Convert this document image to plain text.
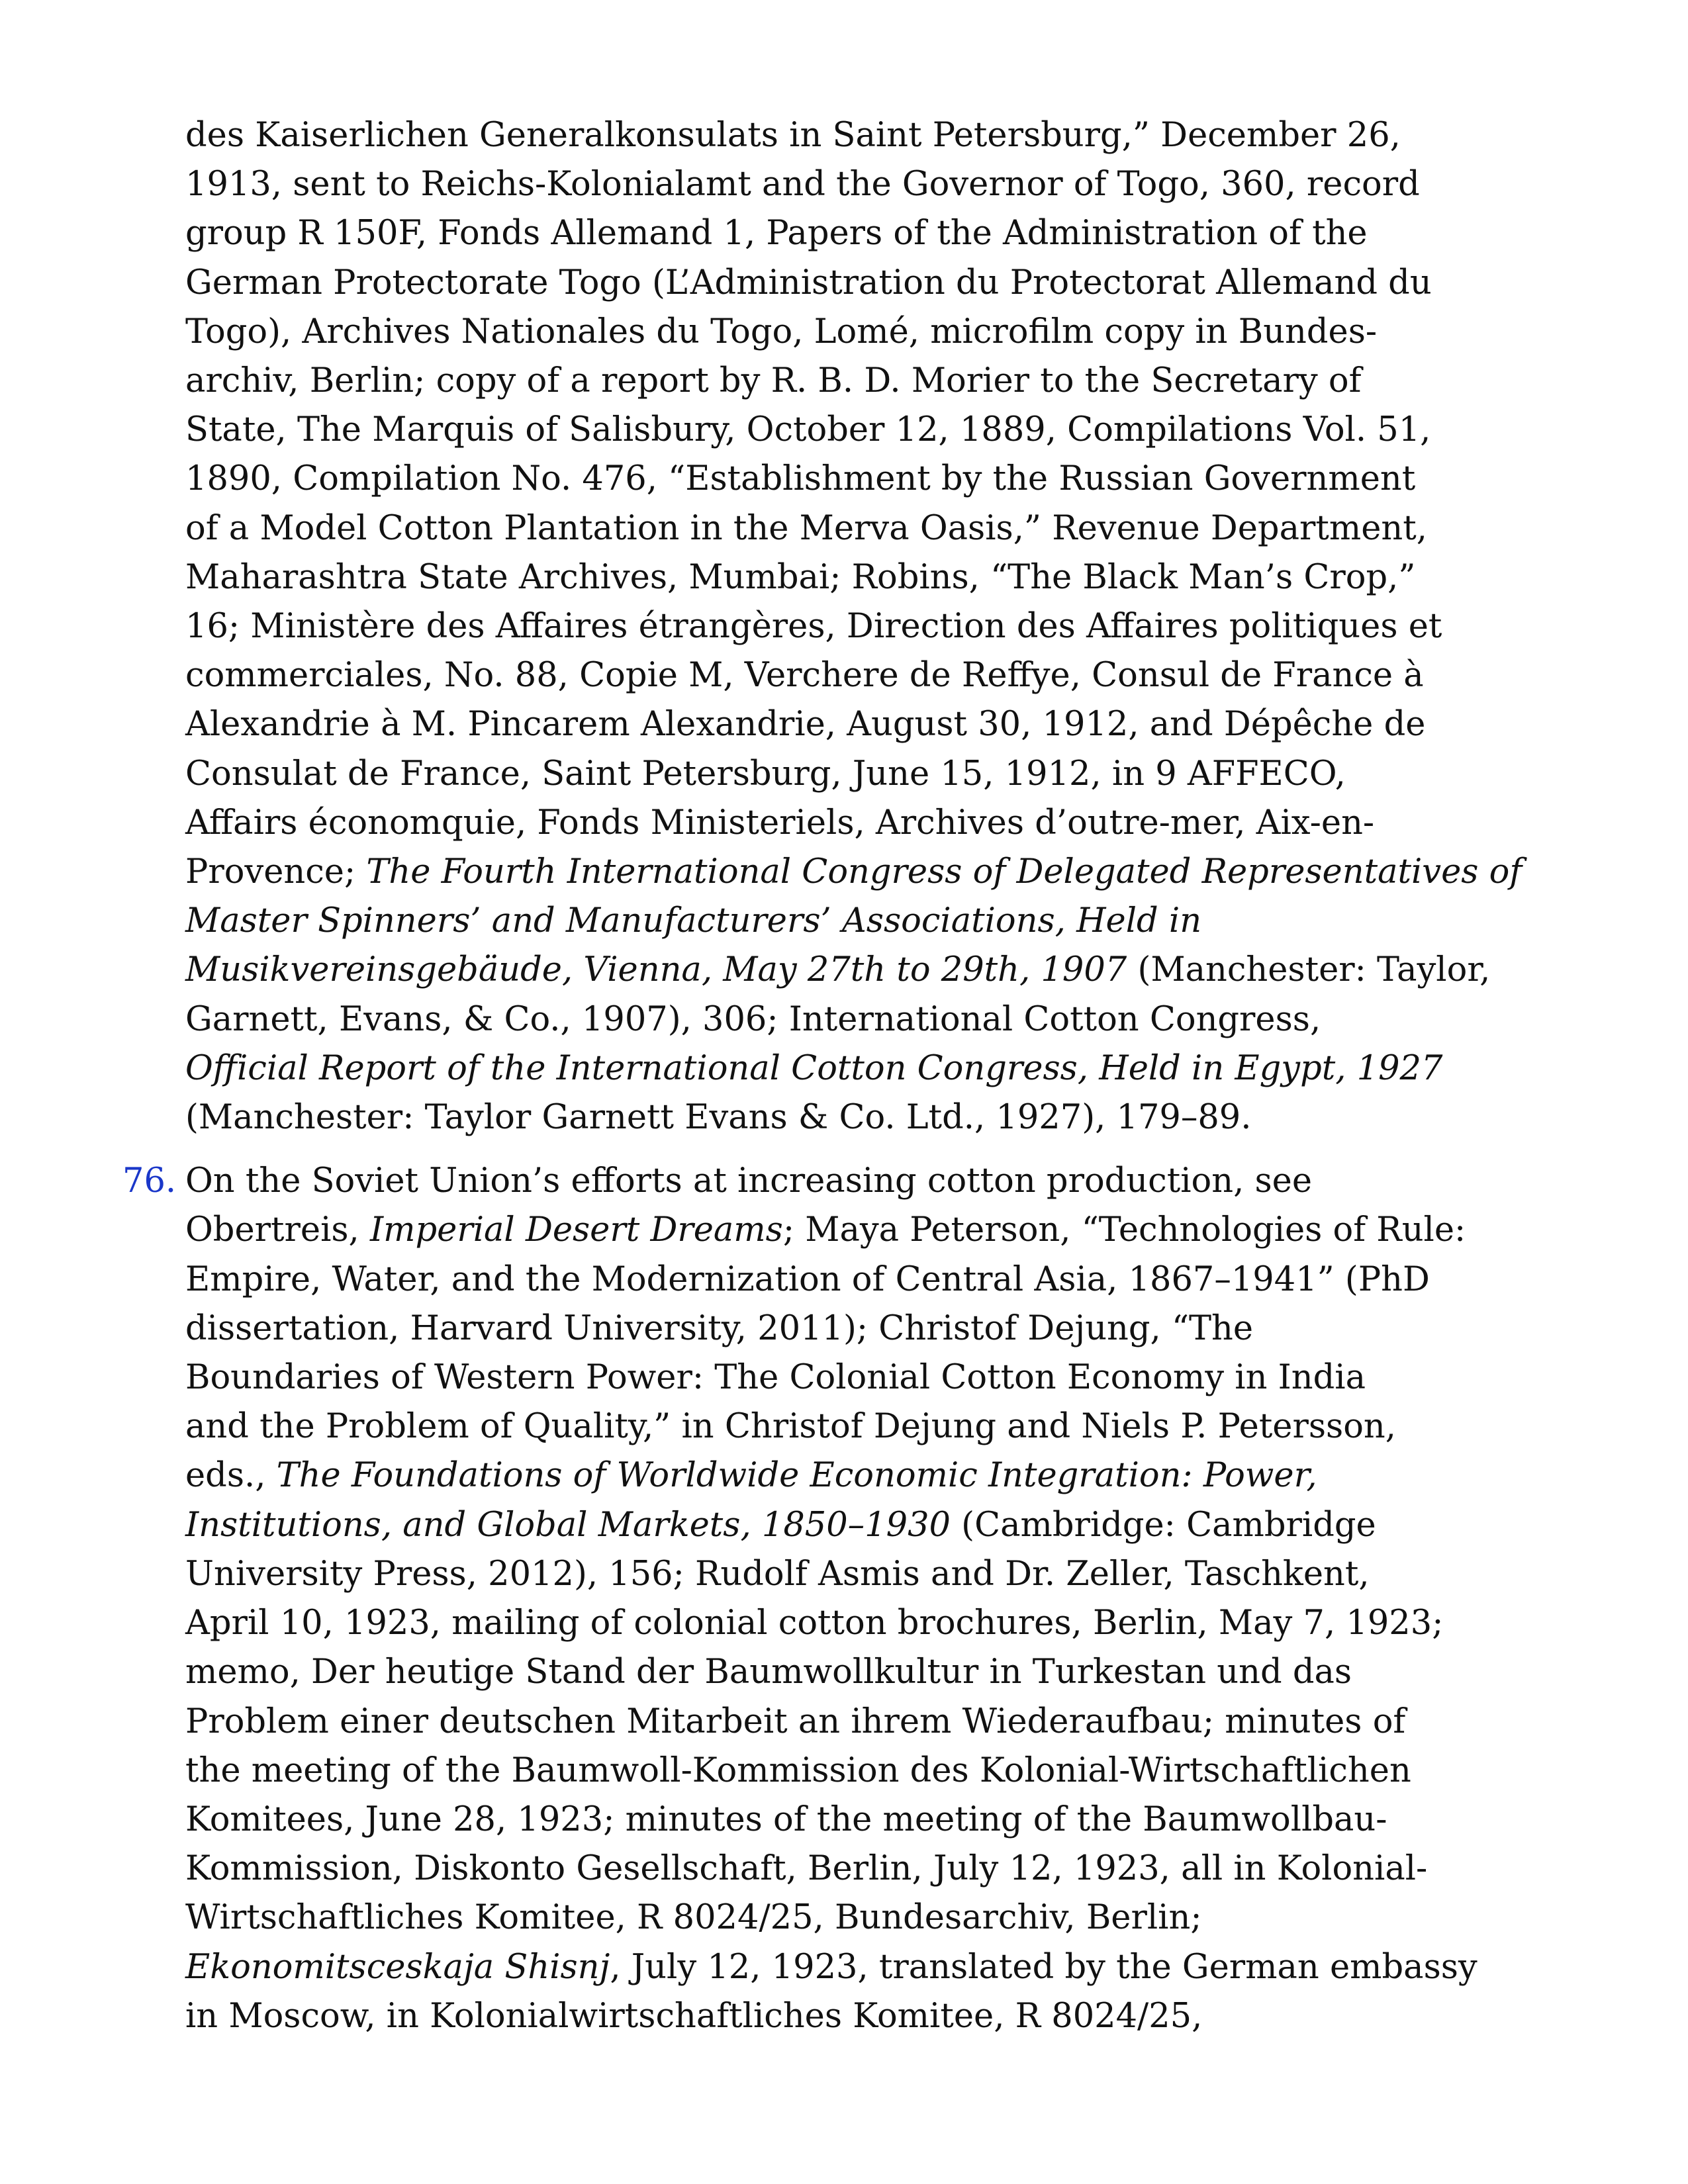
des Kaiserlichen Generalkonsulats in Saint Petersburg,” December 26,
1913, sent to Reichs-Kolonialamt and the Governor of Togo, 360, record
group R 150F, Fonds Allemand 1, Papers of the Administration of the
German Protectorate Togo (L’Administration du Protectorat Allemand du
Togo), Archives Nationales du Togo, Lomé, microfilm copy in Bundes-
archiv, Berlin; copy of a report by R. B. D. Morier to the Secretary of
State, The Marquis of Salisbury, October 12, 1889, Compilations Vol. 51,
1890, Compilation No. 476, “Establishment by the Russian Government
of a Model Cotton Plantation in the Merva Oasis,” Revenue Department,
Maharashtra State Archives, Mumbai; Robins, “The Black Man’s Crop,”
16; Ministère des Affaires étrangères, Direction des Affaires politiques et
commerciales, No. 88, Copie M, Verchere de Reffye, Consul de France à
Alexandrie à M. Pincarem Alexandrie, August 30, 1912, and Dépêche de
Consulat de France, Saint Petersburg, June 15, 1912, in 9 AFFECO,
Affairs économquie, Fonds Ministeriels, Archives d’outre-mer, Aix-en-
Provence; The Fourth International Congress of Delegated Representatives of
Master Spinners’ and Manufacturers’ Associations, Held in
Musikvereinsgebäude, Vienna, May 27th to 29th, 1907 (Manchester: Taylor,
Garnett, Evans, & Co., 1907), 306; International Cotton Congress,
Official Report of the International Cotton Congress, Held in Egypt, 1927
(Manchester: Taylor Garnett Evans & Co. Ltd., 1927), 179–89.
76. On the Soviet Union’s efforts at increasing cotton production, see
Obertreis, Imperial Desert Dreams; Maya Peterson, “Technologies of Rule:
Empire, Water, and the Modernization of Central Asia, 1867–1941” (PhD
dissertation, Harvard University, 2011); Christof Dejung, “The
Boundaries of Western Power: The Colonial Cotton Economy in India
and the Problem of Quality,” in Christof Dejung and Niels P. Petersson,
eds., The Foundations of Worldwide Economic Integration: Power,
Institutions, and Global Markets, 1850–1930 (Cambridge: Cambridge
University Press, 2012), 156; Rudolf Asmis and Dr. Zeller, Taschkent,
April 10, 1923, mailing of colonial cotton brochures, Berlin, May 7, 1923;
memo, Der heutige Stand der Baumwollkultur in Turkestan und das
Problem einer deutschen Mitarbeit an ihrem Wiederaufbau; minutes of
the meeting of the Baumwoll-Kommission des Kolonial-Wirtschaftlichen
Komitees, June 28, 1923; minutes of the meeting of the Baumwollbau-
Kommission, Diskonto Gesellschaft, Berlin, July 12, 1923, all in Kolonial-
Wirtschaftliches Komitee, R 8024/25, Bundesarchiv, Berlin;
Ekonomitsceskaja Shisnj, July 12, 1923, translated by the German embassy
in Moscow, in Kolonialwirtschaftliches Komitee, R 8024/25,
